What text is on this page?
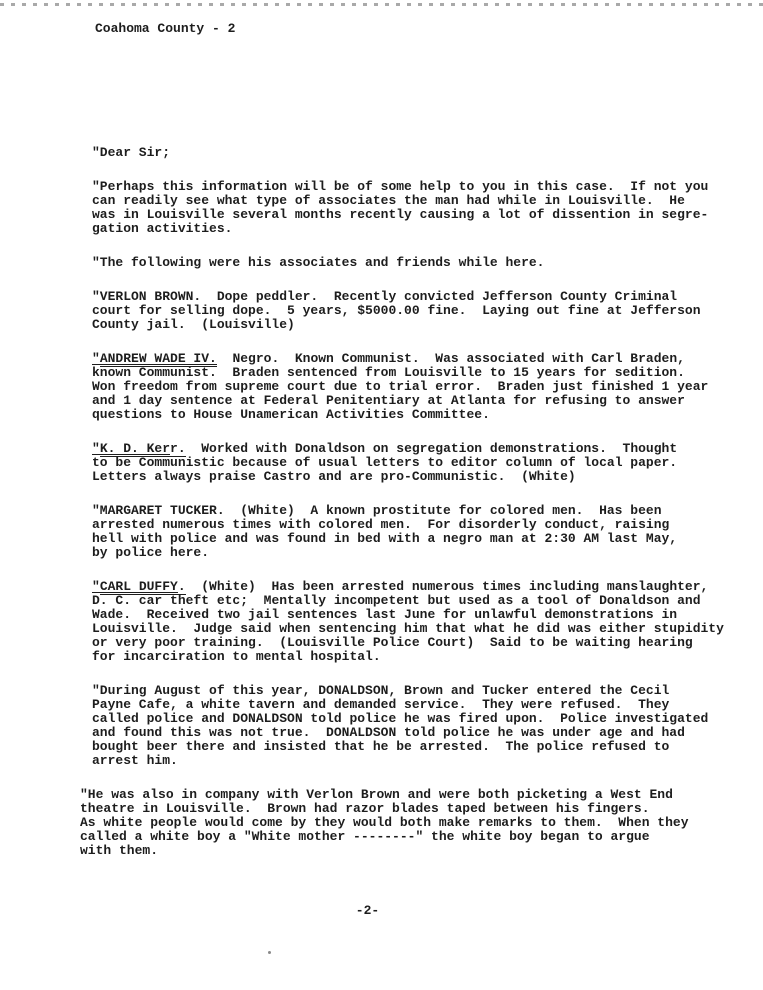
Coahoma County - 2
"Dear Sir;
"Perhaps this information will be of some help to you in this case.  If not you
can readily see what type of associates the man had while in Louisville.  He
was in Louisville several months recently causing a lot of dissention in segre-
gation activities.
"The following were his associates and friends while here.
"VERLON BROWN.  Dope peddler.  Recently convicted Jefferson County Criminal
court for selling dope.  5 years, $5000.00 fine.  Laying out fine at Jefferson
County jail.  (Louisville)
"ANDREW WADE IV.  Negro.  Known Communist.  Was associated with Carl Braden,
known Communist.  Braden sentenced from Louisville to 15 years for sedition.
Won freedom from supreme court due to trial error.  Braden just finished 1 year
and 1 day sentence at Federal Penitentiary at Atlanta for refusing to answer
questions to House Unamerican Activities Committee.
"K. D. Kerr.  Worked with Donaldson on segregation demonstrations.  Thought
to be Communistic because of usual letters to editor column of local paper.
Letters always praise Castro and are pro-Communistic.  (White)
"MARGARET TUCKER.  (White)  A known prostitute for colored men.  Has been
arrested numerous times with colored men.  For disorderly conduct, raising
hell with police and was found in bed with a negro man at 2:30 AM last May,
by police here.
"CARL DUFFY.  (White)  Has been arrested numerous times including manslaughter,
D. C. car theft etc;  Mentally incompetent but used as a tool of Donaldson and
Wade.  Received two jail sentences last June for unlawful demonstrations in
Louisville.  Judge said when sentencing him that what he did was either stupidity
or very poor training.  (Louisville Police Court)  Said to be waiting hearing
for incarciration to mental hospital.
"During August of this year, DONALDSON, Brown and Tucker entered the Cecil
Payne Cafe, a white tavern and demanded service.  They were refused.  They
called police and DONALDSON told police he was fired upon.  Police investigated
and found this was not true.  DONALDSON told police he was under age and had
bought beer there and insisted that he be arrested.  The police refused to
arrest him.
"He was also in company with Verlon Brown and were both picketing a West End
theatre in Louisville.  Brown had razor blades taped between his fingers.
As white people would come by they would both make remarks to them.  When they
called a white boy a "White mother --------" the white boy began to argue
with them.
-2-
